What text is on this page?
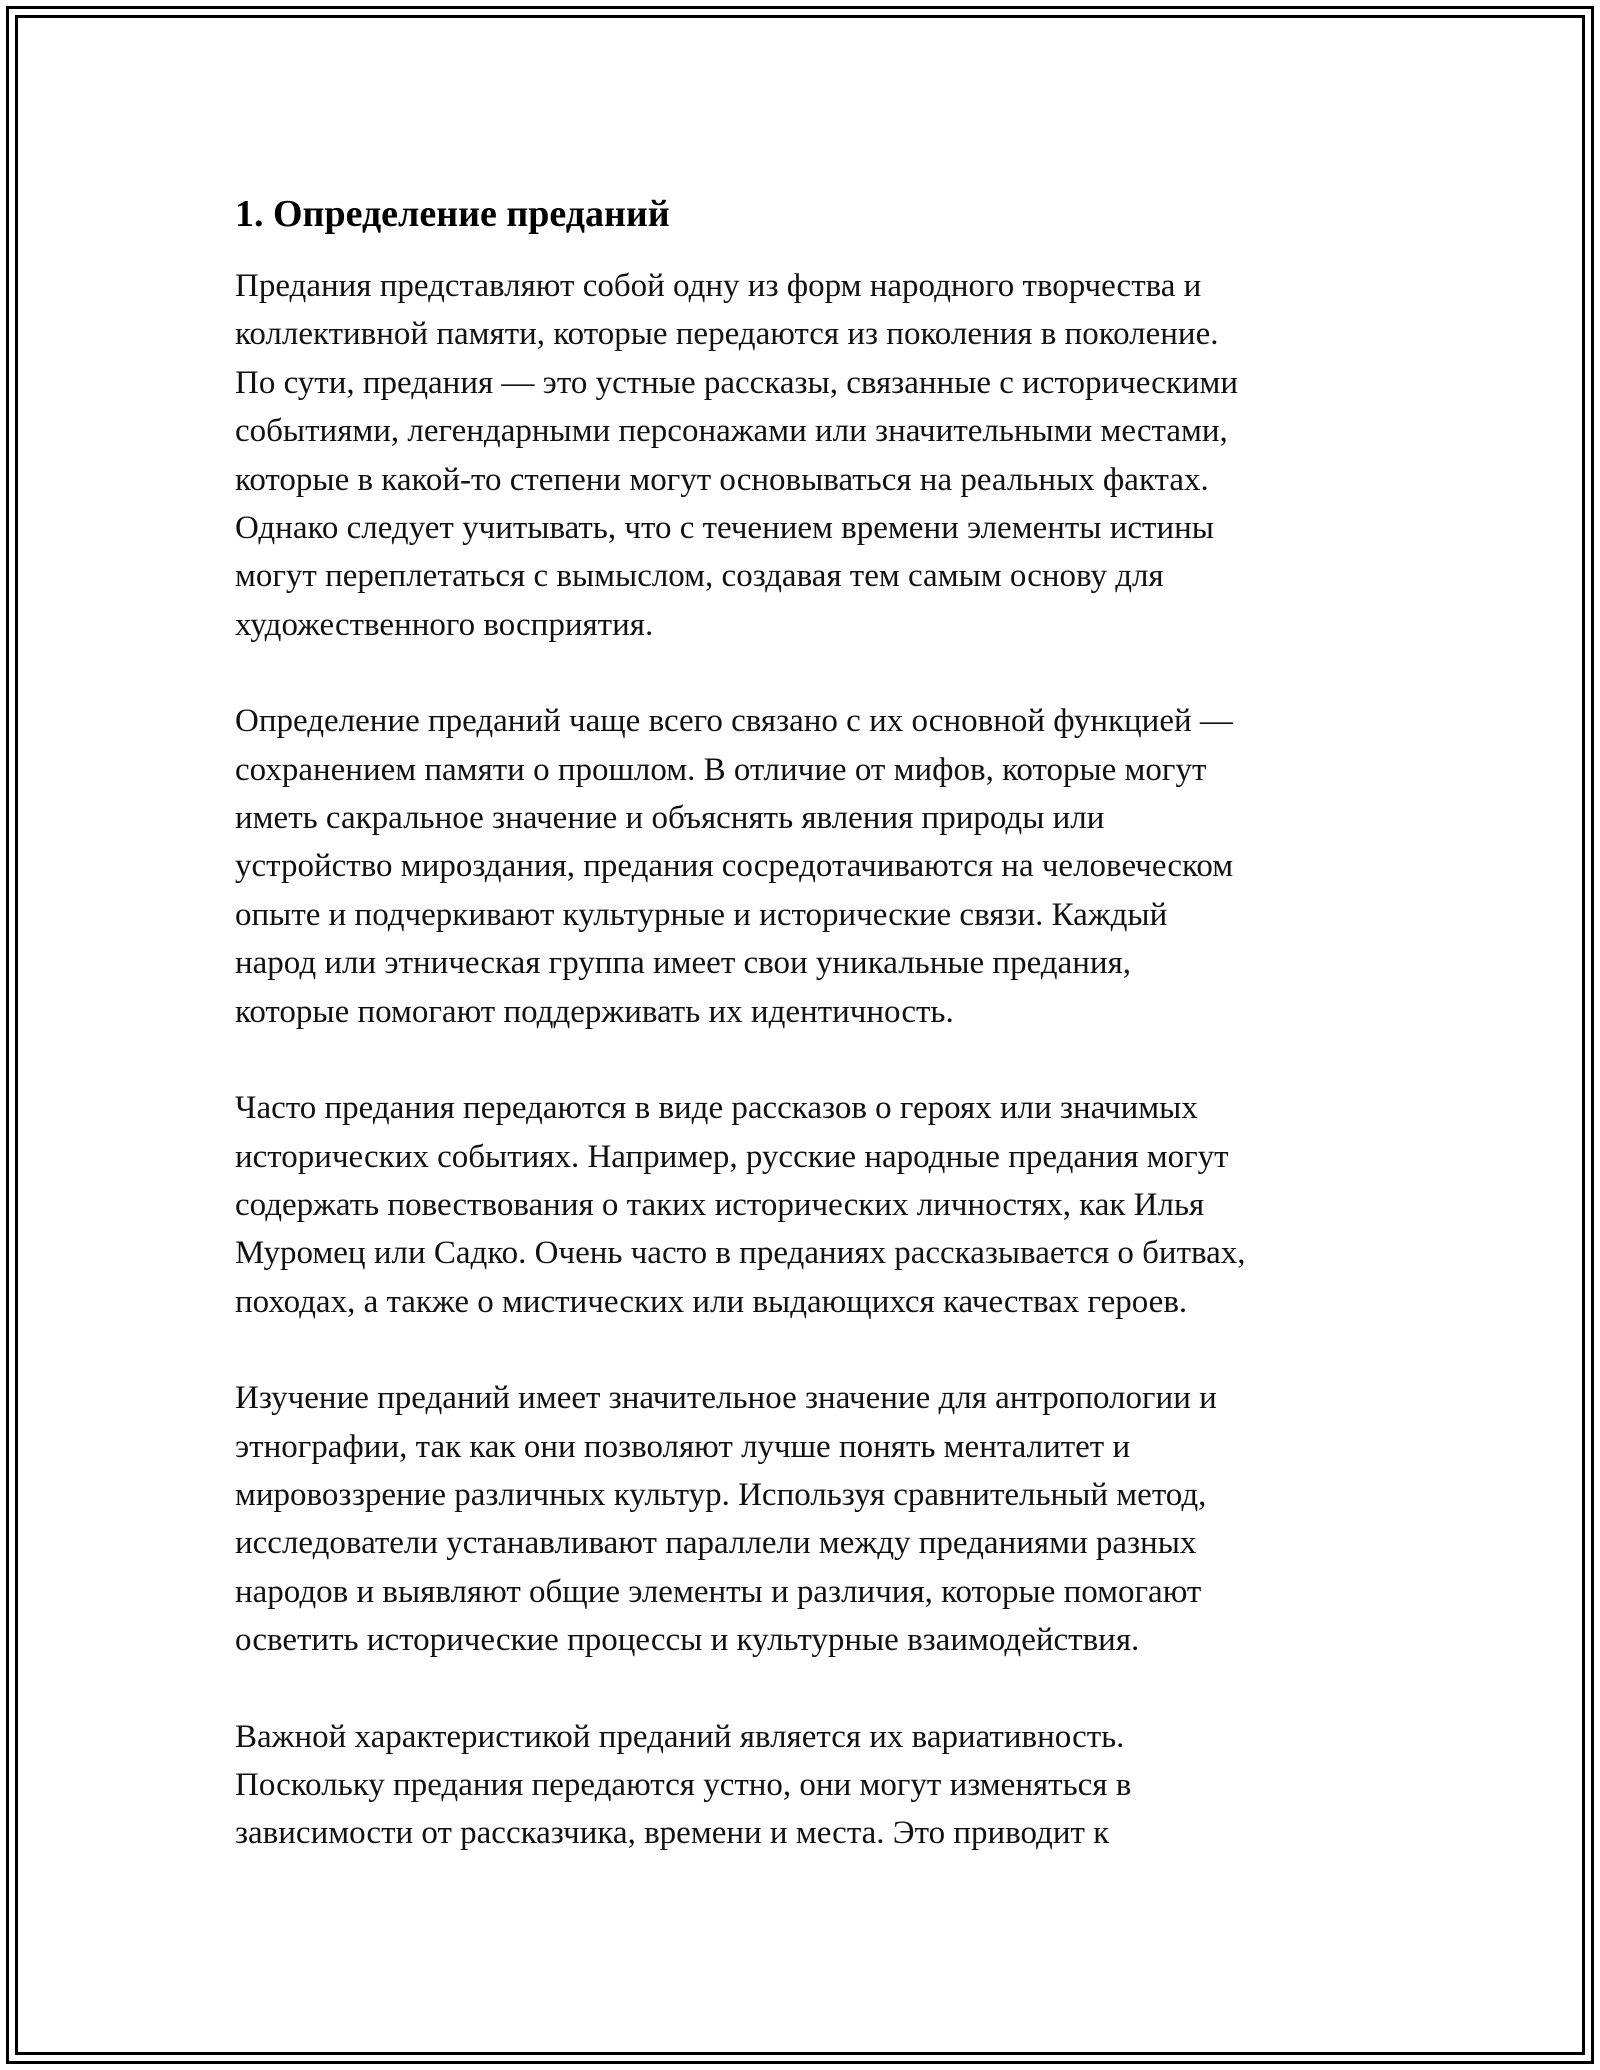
1. Определение преданий

Предания представляют собой одну из форм народного творчества и
коллективной памяти, которые передаются из поколения в поколение.
По сути, предания — это устные рассказы, связанные с историческими
событиями, легендарными персонажами или значительными местами,
которые в какой-то степени могут основываться на реальных фактах.
Однако следует учитывать, что с течением времени элементы истины
могут переплетаться с вымыслом, создавая тем самым основу для
художественного восприятия.

Определение преданий чаще всего связано с их основной функцией —
сохранением памяти о прошлом. В отличие от мифов, которые могут
иметь сакральное значение и объяснять явления природы или
устройство мироздания, предания сосредотачиваются на человеческом
опыте и подчеркивают культурные и исторические связи. Каждый
народ или этническая группа имеет свои уникальные предания,
которые помогают поддерживать их идентичность.

Часто предания передаются в виде рассказов о героях или значимых
исторических событиях. Например, русские народные предания могут
содержать повествования о таких исторических личностях, как Илья
Муромец или Садко. Очень часто в преданиях рассказывается о битвах,
походах, а также о мистических или выдающихся качествах героев.

Изучение преданий имеет значительное значение для антропологии и
этнографии, так как они позволяют лучше понять менталитет и
мировоззрение различных культур. Используя сравнительный метод,
исследователи устанавливают параллели между преданиями разных
народов и выявляют общие элементы и различия, которые помогают
осветить исторические процессы и культурные взаимодействия.

Важной характеристикой преданий является их вариативность.
Поскольку предания передаются устно, они могут изменяться в
зависимости от рассказчика, времени и места. Это приводит к
